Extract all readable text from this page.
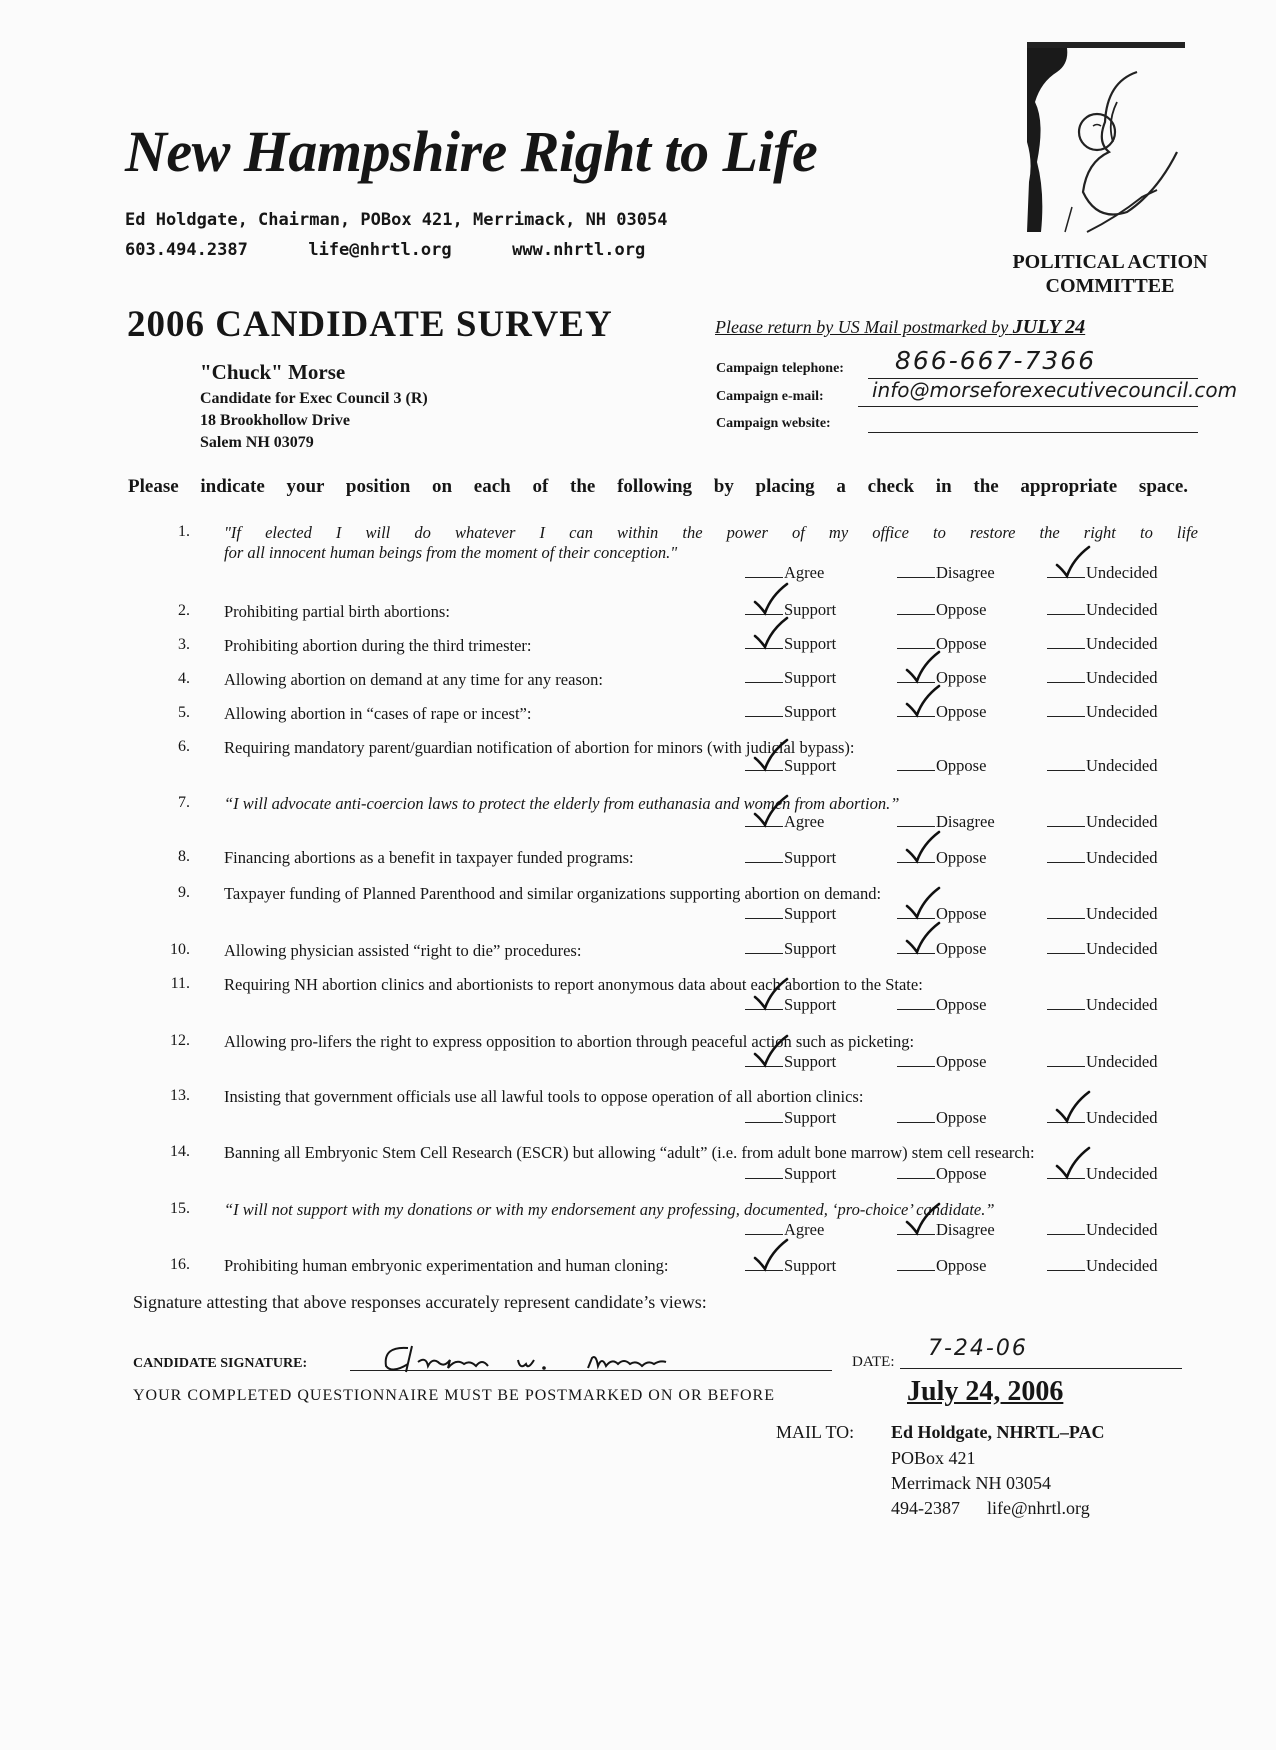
New Hampshire Right to Life
Ed Holdgate, Chairman, POBox 421, Merrimack, NH 03054
603.494.2387	life@nhrtl.org	www.nhrtl.org
POLITICAL ACTION
COMMITTEE
2006 CANDIDATE SURVEY	Please return by US Mail postmarked by JULY 24
"Chuck" Morse
Candidate for Exec Council 3 (R)
18 Brookhollow Drive
Salem NH 03079
Campaign telephone: 866-667-7366
Campaign e-mail: info@morseforexecutivecouncil.com
Campaign website:
Please indicate your position on each of the following by placing a check in the appropriate space.
1. "If elected I will do whatever I can within the power of my office to restore the right to life
for all innocent human beings from the moment of their conception."
Agree	Disagree	Undecided
2. Prohibiting partial birth abortions:	Support	Oppose	Undecided
3. Prohibiting abortion during the third trimester:	Support	Oppose	Undecided
4. Allowing abortion on demand at any time for any reason:	Support	Oppose	Undecided
5. Allowing abortion in “cases of rape or incest”:	Support	Oppose	Undecided
6. Requiring mandatory parent/guardian notification of abortion for minors (with judicial bypass):
Support	Oppose	Undecided
7. “I will advocate anti-coercion laws to protect the elderly from euthanasia and women from abortion.”
Agree	Disagree	Undecided
8. Financing abortions as a benefit in taxpayer funded programs:	Support	Oppose	Undecided
9. Taxpayer funding of Planned Parenthood and similar organizations supporting abortion on demand:
Support	Oppose	Undecided
10. Allowing physician assisted “right to die” procedures:	Support	Oppose	Undecided
11. Requiring NH abortion clinics and abortionists to report anonymous data about each abortion to the State:
Support	Oppose	Undecided
12. Allowing pro-lifers the right to express opposition to abortion through peaceful action such as picketing:
Support	Oppose	Undecided
13. Insisting that government officials use all lawful tools to oppose operation of all abortion clinics:
Support	Oppose	Undecided
14. Banning all Embryonic Stem Cell Research (ESCR) but allowing “adult” (i.e. from adult bone marrow) stem cell research:
Support	Oppose	Undecided
15. “I will not support with my donations or with my endorsement any professing, documented, ‘pro-choice’ candidate.”
Agree	Disagree	Undecided
16. Prohibiting human embryonic experimentation and human cloning:	Support	Oppose	Undecided
Signature attesting that above responses accurately represent candidate’s views:
CANDIDATE SIGNATURE:	DATE:
7-24-06
YOUR COMPLETED QUESTIONNAIRE MUST BE POSTMARKED ON OR BEFORE	July 24, 2006
MAIL TO: Ed Holdgate, NHRTL–PAC
POBox 421
Merrimack NH 03054
494-2387 life@nhrtl.org
